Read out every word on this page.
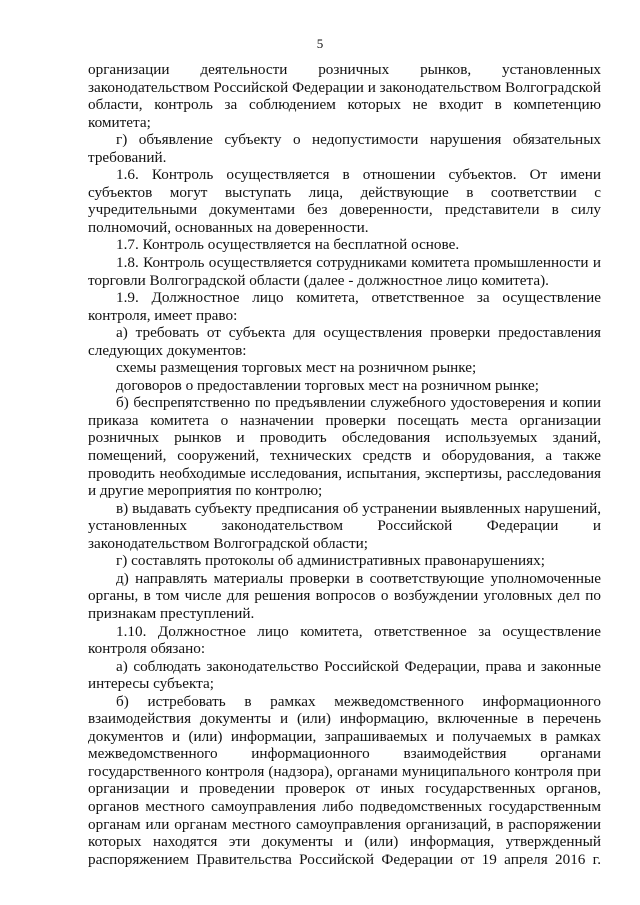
5

организации деятельности розничных рынков, установленных законодательством Российской Федерации и законодательством Волгоградской области, контроль за соблюдением которых не входит в компетенцию комитета;

г) объявление субъекту о недопустимости нарушения обязательных требований.

1.6. Контроль осуществляется в отношении субъектов. От имени субъектов могут выступать лица, действующие в соответствии с учредительными документами без доверенности, представители в силу полномочий, основанных на доверенности.

1.7. Контроль осуществляется на бесплатной основе.

1.8. Контроль осуществляется сотрудниками комитета промышленности и торговли Волгоградской области (далее - должностное лицо комитета).

1.9. Должностное лицо комитета, ответственное за осуществление контроля, имеет право:

а) требовать от субъекта для осуществления проверки предоставления следующих документов:

схемы размещения торговых мест на розничном рынке;

договоров о предоставлении торговых мест на розничном рынке;

б) беспрепятственно по предъявлении служебного удостоверения и копии приказа комитета о назначении проверки посещать места организации розничных рынков и проводить обследования используемых зданий, помещений, сооружений, технических средств и оборудования, а также проводить необходимые исследования, испытания, экспертизы, расследования и другие мероприятия по контролю;

в) выдавать субъекту предписания об устранении выявленных нарушений, установленных законодательством Российской Федерации и законодательством Волгоградской области;

г) составлять протоколы об административных правонарушениях;

д) направлять материалы проверки в соответствующие уполномоченные органы, в том числе для решения вопросов о возбуждении уголовных дел по признакам преступлений.

1.10. Должностное лицо комитета, ответственное за осуществление контроля обязано:

а) соблюдать законодательство Российской Федерации, права и законные интересы субъекта;

б) истребовать в рамках межведомственного информационного взаимодействия документы и (или) информацию, включенные в перечень документов и (или) информации, запрашиваемых и получаемых в рамках межведомственного информационного взаимодействия органами государственного контроля (надзора), органами муниципального контроля при организации и проведении проверок от иных государственных органов, органов местного самоуправления либо подведомственных государственным органам или органам местного самоуправления организаций, в распоряжении которых находятся эти документы и (или) информация, утвержденный распоряжением Правительства Российской Федерации от 19 апреля 2016 г.
